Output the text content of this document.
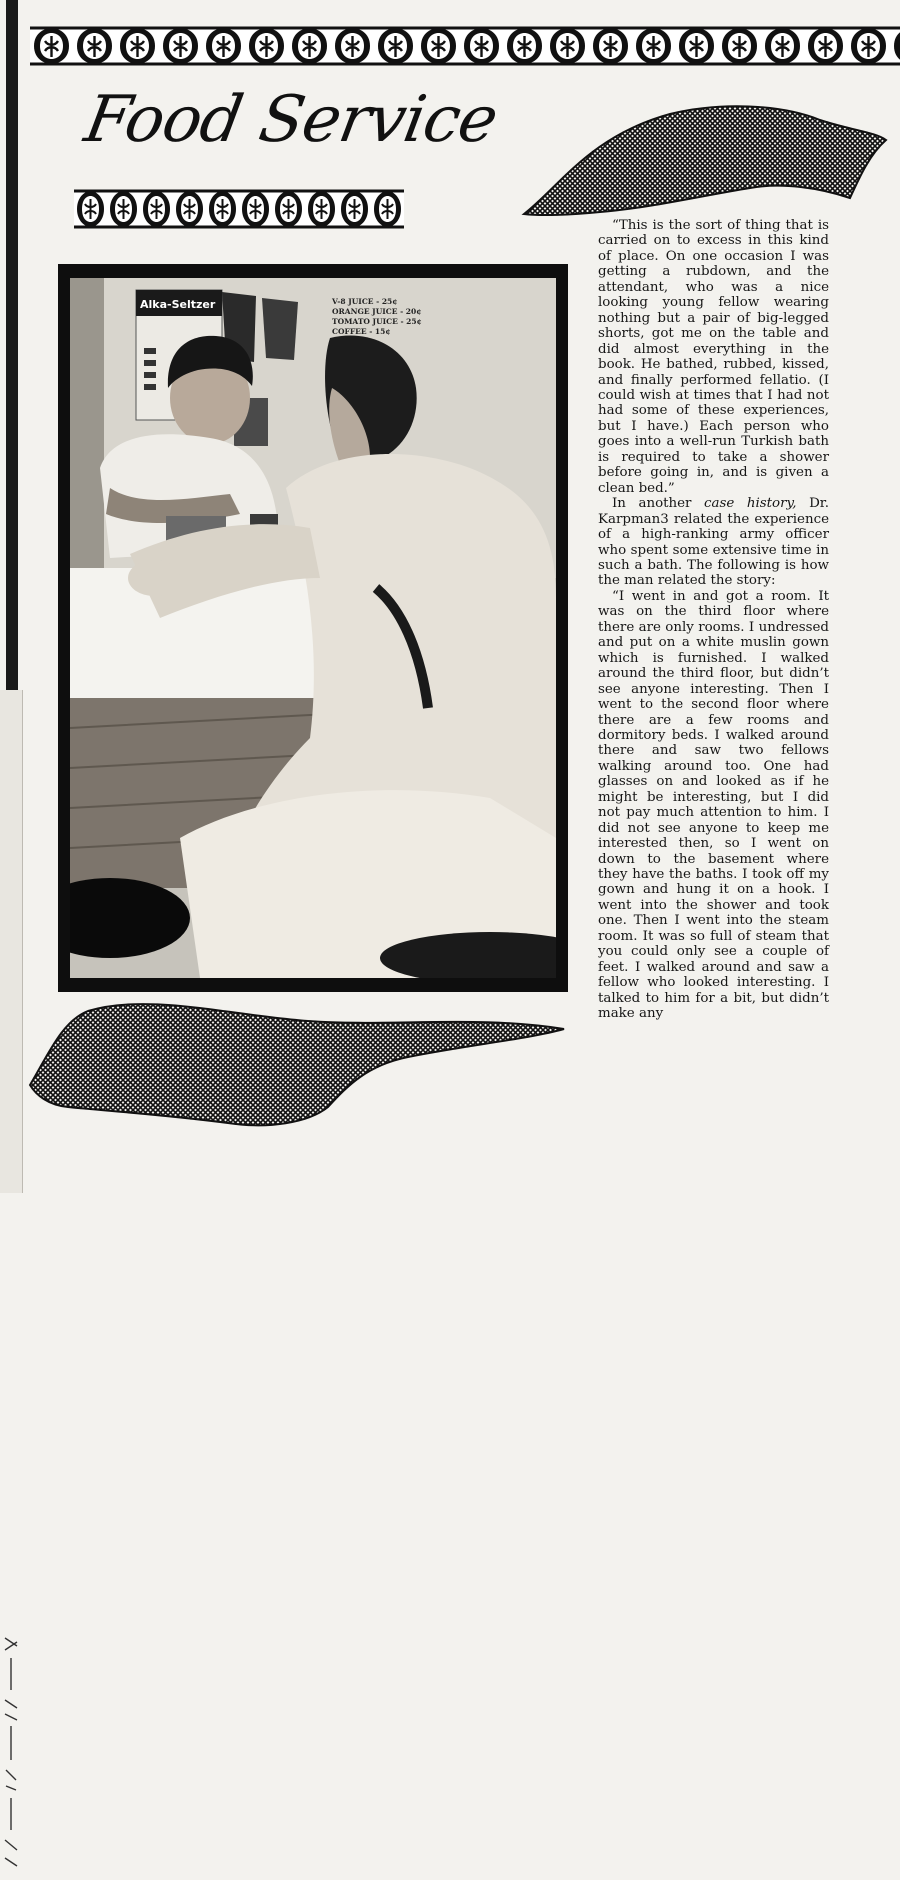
Food Service
Alka-Seltzer	V-8 JUICE - 25¢
ORANGE JUICE - 20¢
TOMATO JUICE - 25¢
COFFEE - 15¢

“This is the sort of thing that is carried on to excess in this kind of place. On one occasion I was getting a rubdown, and the attendant, who was a nice looking young fellow wearing nothing but a pair of big-legged shorts, got me on the table and did almost everything in the book. He bathed, rubbed, kissed, and finally performed fellatio. (I could wish at times that I had not had some of these experiences, but I have.) Each person who goes into a well-run Turkish bath is required to take a shower before going in, and is given a clean bed.”

In another case history, Dr. Karpman3 related the experience of a high-ranking army officer who spent some extensive time in such a bath. The following is how the man related the story:

“I went in and got a room. It was on the third floor where there are only rooms. I undressed and put on a white muslin gown which is furnished. I walked around the third floor, but didn’t see anyone interesting. Then I went to the second floor where there are a few rooms and dormitory beds. I walked around there and saw two fellows walking around too. One had glasses on and looked as if he might be interesting, but I did not pay much attention to him. I did not see anyone to keep me interested then, so I went on down to the basement where they have the baths. I took off my gown and hung it on a hook. I went into the shower and took one. Then I went into the steam room. It was so full of steam that you could only see a couple of feet. I walked around and saw a fellow who looked interesting. I talked to him for a bit, but didn’t make any
